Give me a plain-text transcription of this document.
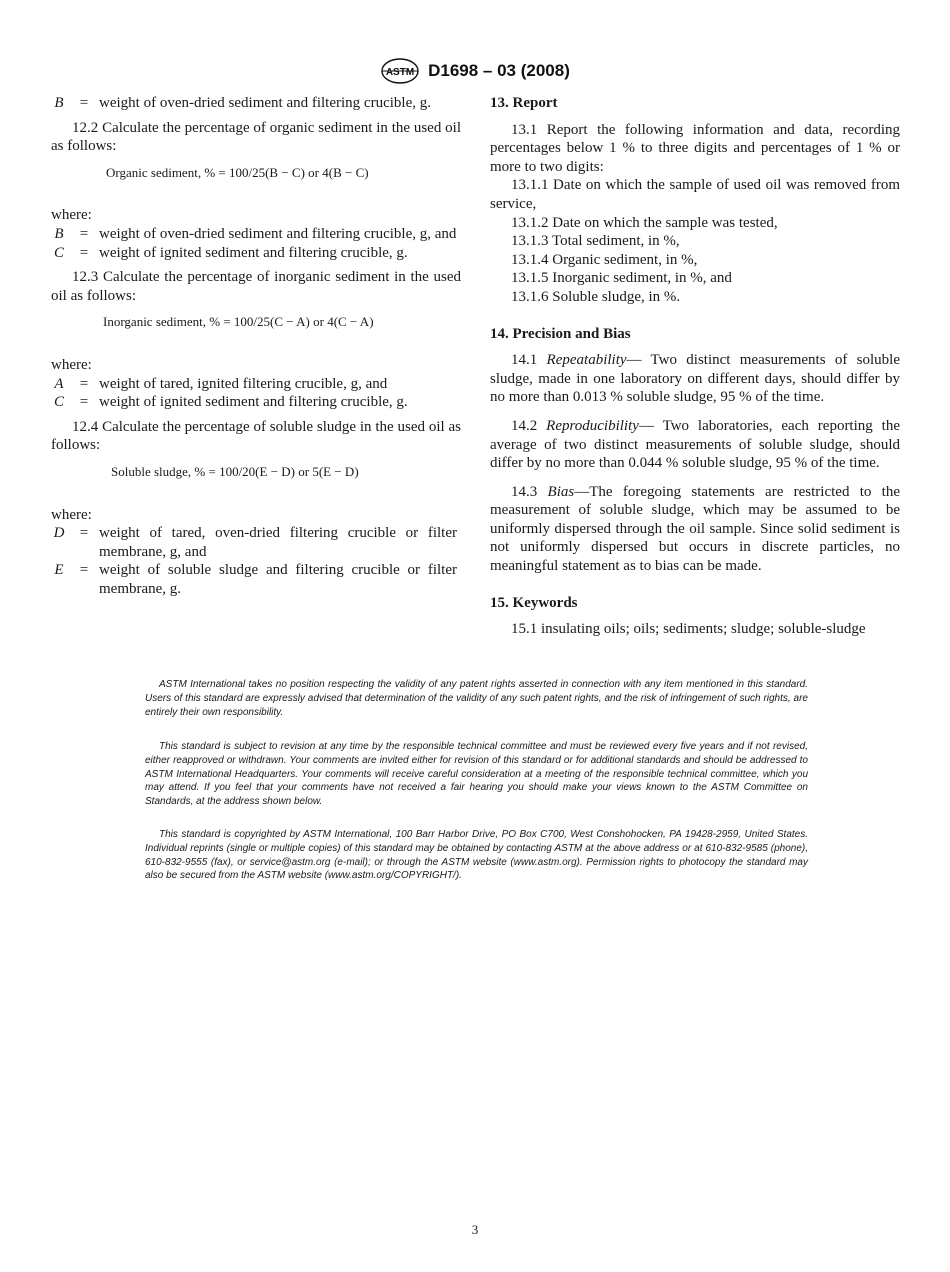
ASTM D1698 – 03 (2008)
B	= weight of oven-dried sediment and filtering crucible, g.

12.2 Calculate the percentage of organic sediment in the used oil as follows:

Organic sediment, % = 100/25(B − C) or 4(B − C)

where:

B	= weight of oven-dried sediment and filtering crucible, g, and
C	= weight of ignited sediment and filtering crucible, g.

12.3 Calculate the percentage of inorganic sediment in the used oil as follows:

Inorganic sediment, % = 100/25(C − A) or 4(C − A)

where:

A	= weight of tared, ignited filtering crucible, g, and
C	= weight of ignited sediment and filtering crucible, g.

12.4 Calculate the percentage of soluble sludge in the used oil as follows:

Soluble sludge, % = 100/20(E − D) or 5(E − D)

where:

D	= weight of tared, oven-dried filtering crucible or filter membrane, g, and
E	= weight of soluble sludge and filtering crucible or filter membrane, g.

13. Report

13.1 Report the following information and data, recording percentages below 1 % to three digits and percentages of 1 % or more to two digits:

13.1.1 Date on which the sample of used oil was removed from service,

13.1.2 Date on which the sample was tested,

13.1.3 Total sediment, in %,

13.1.4 Organic sediment, in %,

13.1.5 Inorganic sediment, in %, and

13.1.6 Soluble sludge, in %.

14. Precision and Bias

14.1 Repeatability— Two distinct measurements of soluble sludge, made in one laboratory on different days, should differ by no more than 0.013 % soluble sludge, 95 % of the time.

14.2 Reproducibility— Two laboratories, each reporting the average of two distinct measurements of soluble sludge, should differ by no more than 0.044 % soluble sludge, 95 % of the time.

14.3 Bias—The foregoing statements are restricted to the measurement of soluble sludge, which may be assumed to be uniformly dispersed through the oil sample. Since solid sediment is not uniformly dispersed but occurs in discrete particles, no meaningful statement as to bias can be made.

15. Keywords

15.1 insulating oils; oils; sediments; sludge; soluble-sludge

ASTM International takes no position respecting the validity of any patent rights asserted in connection with any item mentioned in this standard. Users of this standard are expressly advised that determination of the validity of any such patent rights, and the risk of infringement of such rights, are entirely their own responsibility.

This standard is subject to revision at any time by the responsible technical committee and must be reviewed every five years and if not revised, either reapproved or withdrawn. Your comments are invited either for revision of this standard or for additional standards and should be addressed to ASTM International Headquarters. Your comments will receive careful consideration at a meeting of the responsible technical committee, which you may attend. If you feel that your comments have not received a fair hearing you should make your views known to the ASTM Committee on Standards, at the address shown below.

This standard is copyrighted by ASTM International, 100 Barr Harbor Drive, PO Box C700, West Conshohocken, PA 19428-2959, United States. Individual reprints (single or multiple copies) of this standard may be obtained by contacting ASTM at the above address or at 610-832-9585 (phone), 610-832-9555 (fax), or service@astm.org (e-mail); or through the ASTM website (www.astm.org). Permission rights to photocopy the standard may also be secured from the ASTM website (www.astm.org/COPYRIGHT/).

3
